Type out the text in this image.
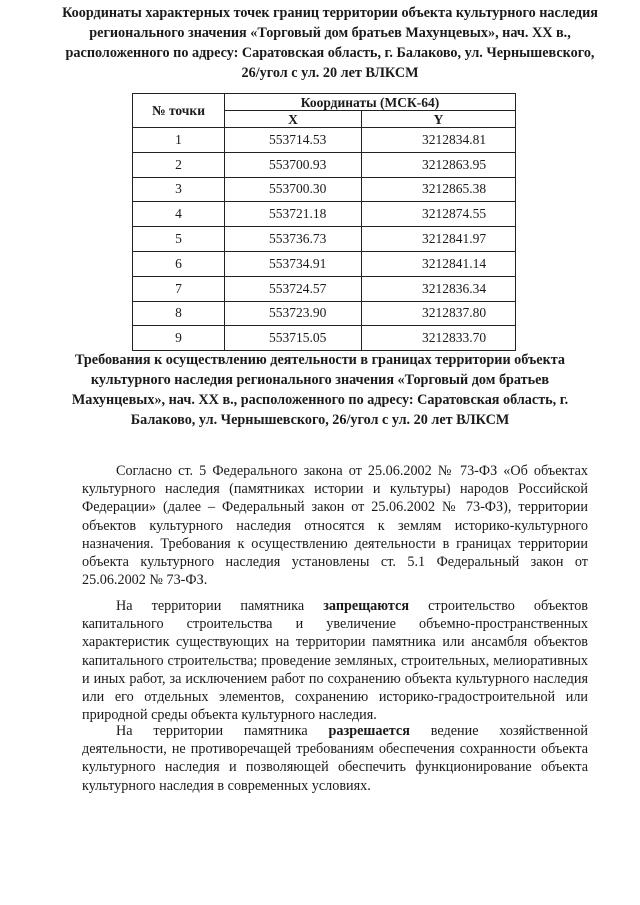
Координаты характерных точек границ территории объекта культурного наследия регионального значения «Торговый дом братьев Махунцевых», нач. XX в., расположенного по адресу: Саратовская область, г. Балаково, ул. Чернышевского, 26/угол с ул. 20 лет ВЛКСМ
№ точки	Координаты (МСК-64)	
	X	Y
1	553714.53	3212834.81
2	553700.93	3212863.95
3	553700.30	3212865.38
4	553721.18	3212874.55
5	553736.73	3212841.97
6	553734.91	3212841.14
7	553724.57	3212836.34
8	553723.90	3212837.80
9	553715.05	3212833.70
Требования к осуществлению деятельности в границах территории объекта культурного наследия регионального значения «Торговый дом братьев Махунцевых», нач. XX в., расположенного по адресу: Саратовская область, г. Балаково, ул. Чернышевского, 26/угол с ул. 20 лет ВЛКСМ

Согласно ст. 5 Федерального закона от 25.06.2002 № 73-ФЗ «Об объектах культурного наследия (памятниках истории и культуры) народов Российской Федерации» (далее – Федеральный закон от 25.06.2002 № 73-ФЗ), территории объектов культурного наследия относятся к землям историко-культурного назначения. Требования к осуществлению деятельности в границах территории объекта культурного наследия установлены ст. 5.1 Федеральный закон от 25.06.2002 № 73-ФЗ.

На территории памятника запрещаются строительство объектов капитального строительства и увеличение объемно-пространственных характеристик существующих на территории памятника или ансамбля объектов капитального строительства; проведение земляных, строительных, мелиоративных и иных работ, за исключением работ по сохранению объекта культурного наследия или его отдельных элементов, сохранению историко-градостроительной или природной среды объекта культурного наследия.

На территории памятника разрешается ведение хозяйственной деятельности, не противоречащей требованиям обеспечения сохранности объекта культурного наследия и позволяющей обеспечить функционирование объекта культурного наследия в современных условиях.
